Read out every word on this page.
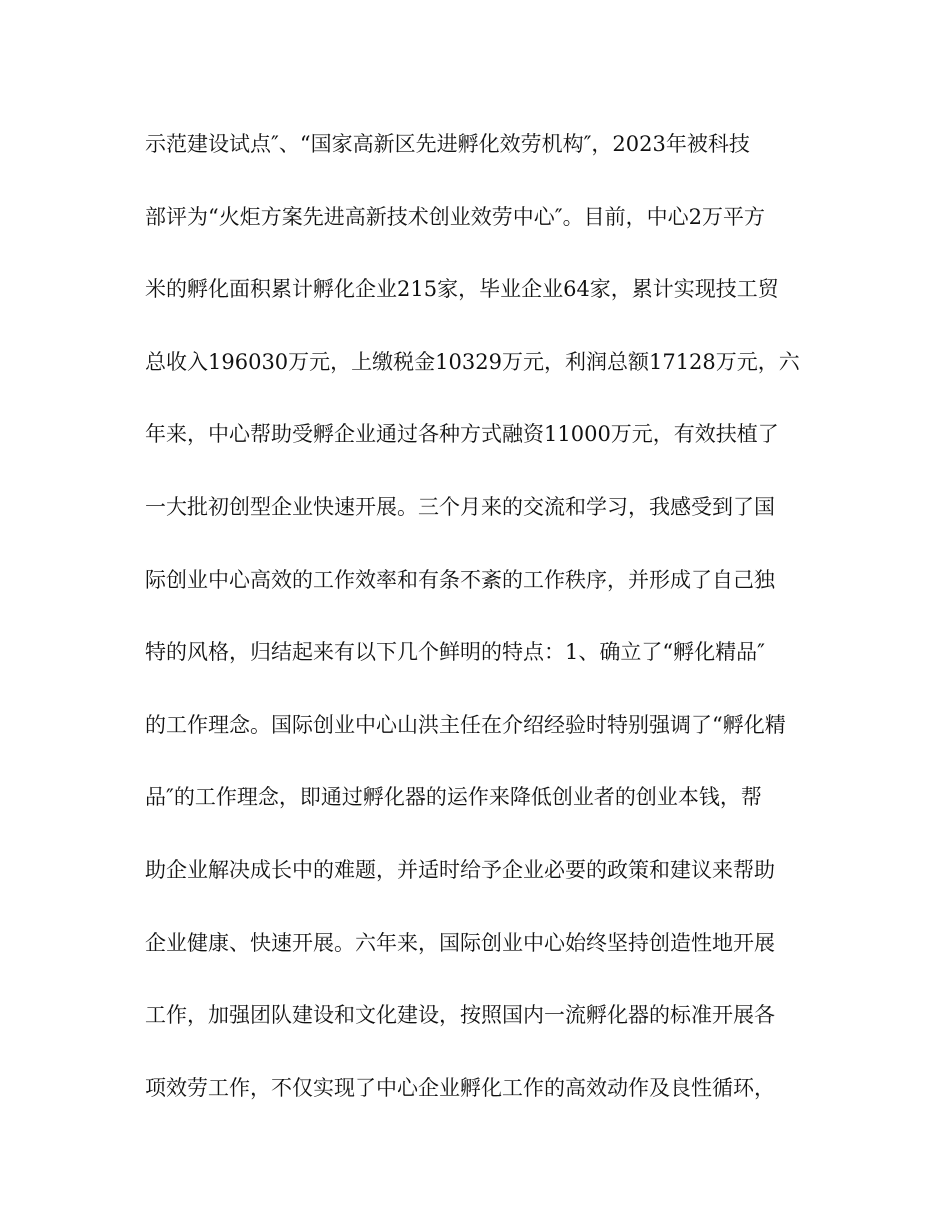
示范建设试点″、“国家高新区先进孵化效劳机构″，2023年被科技
部评为“火炬方案先进高新技术创业效劳中心″。目前，中心2万平方
米的孵化面积累计孵化企业215家，毕业企业64家，累计实现技工贸
总收入196030万元，上缴税金10329万元，利润总额17128万元，六
年来，中心帮助受孵企业通过各种方式融资11000万元，有效扶植了
一大批初创型企业快速开展。三个月来的交流和学习，我感受到了国
际创业中心高效的工作效率和有条不紊的工作秩序，并形成了自己独
特的风格，归结起来有以下几个鲜明的特点：1、确立了“孵化精品″
的工作理念。国际创业中心山洪主任在介绍经验时特别强调了“孵化精
品″的工作理念，即通过孵化器的运作来降低创业者的创业本钱，帮
助企业解决成长中的难题，并适时给予企业必要的政策和建议来帮助
企业健康、快速开展。六年来，国际创业中心始终坚持创造性地开展
工作，加强团队建设和文化建设，按照国内一流孵化器的标准开展各
项效劳工作，不仅实现了中心企业孵化工作的高效动作及良性循环，
